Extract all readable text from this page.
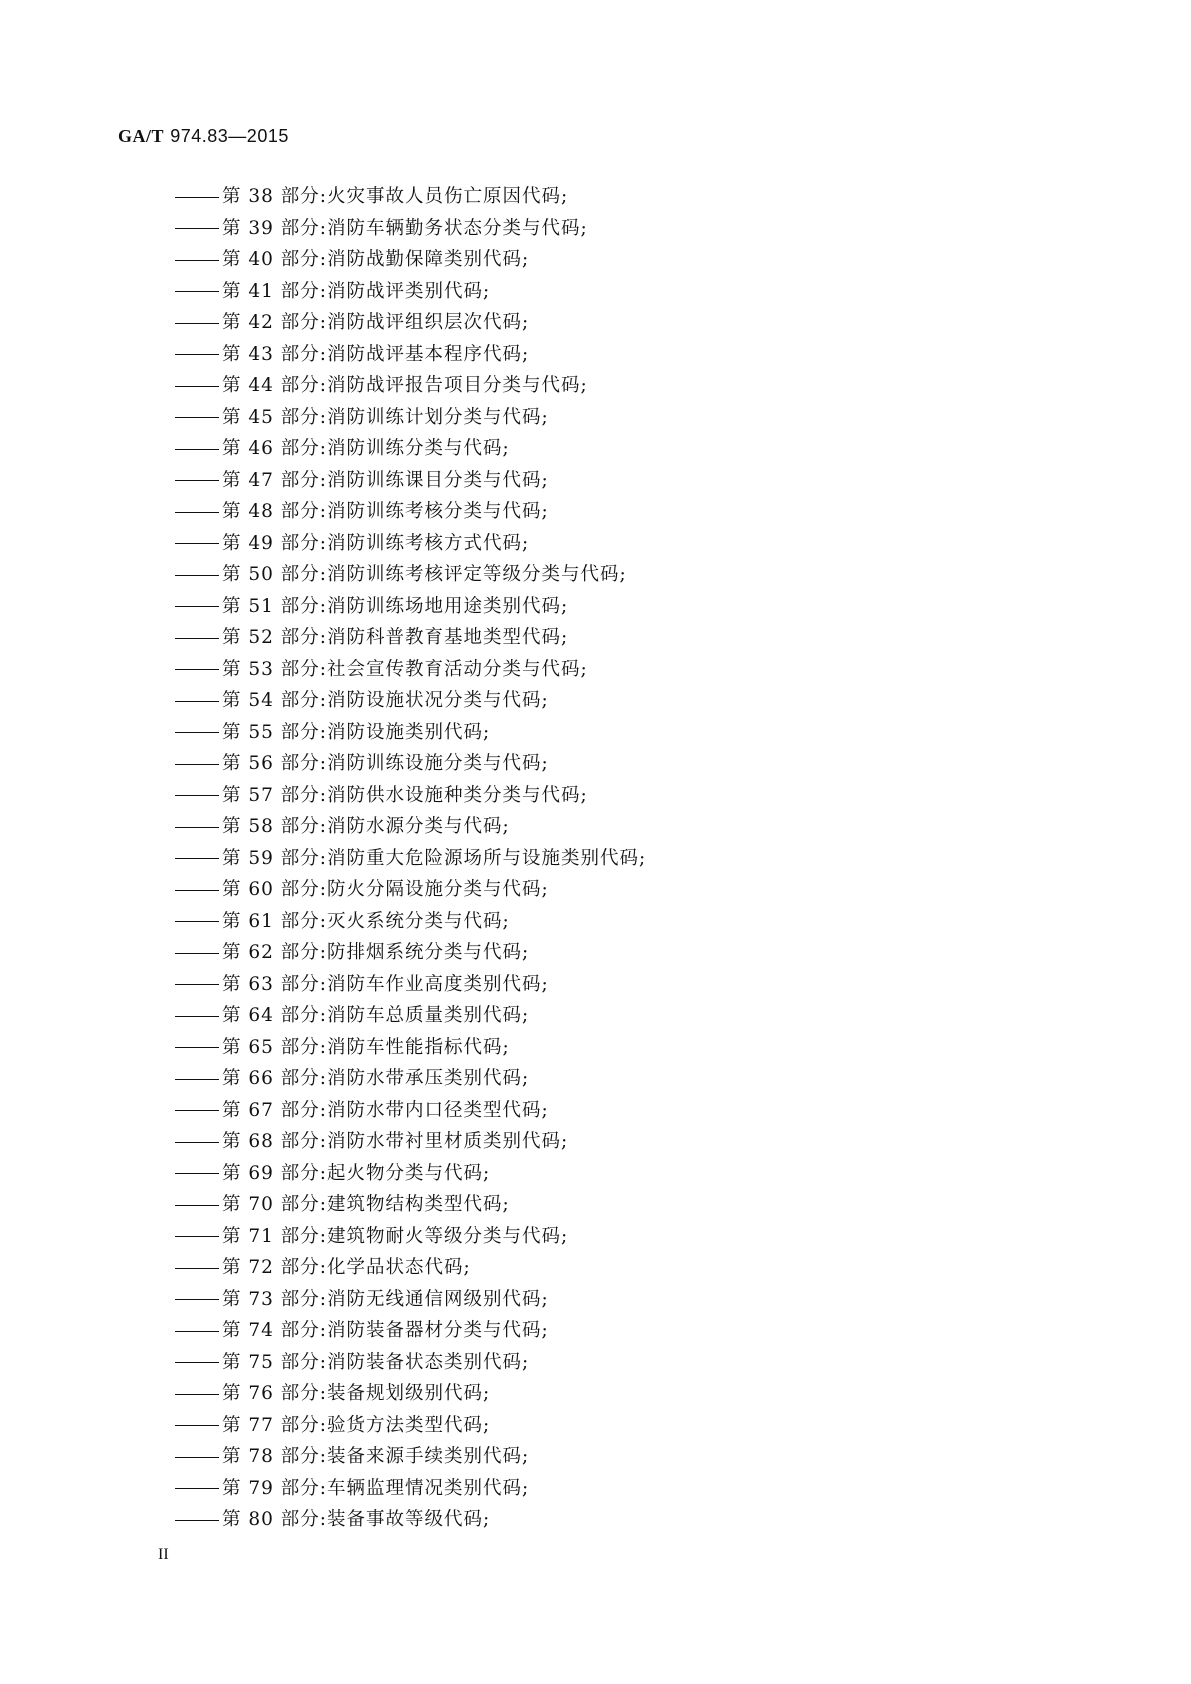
GA/T 974.83—2015
第 38 部分:火灾事故人员伤亡原因代码;
第 39 部分:消防车辆勤务状态分类与代码;
第 40 部分:消防战勤保障类别代码;
第 41 部分:消防战评类别代码;
第 42 部分:消防战评组织层次代码;
第 43 部分:消防战评基本程序代码;
第 44 部分:消防战评报告项目分类与代码;
第 45 部分:消防训练计划分类与代码;
第 46 部分:消防训练分类与代码;
第 47 部分:消防训练课目分类与代码;
第 48 部分:消防训练考核分类与代码;
第 49 部分:消防训练考核方式代码;
第 50 部分:消防训练考核评定等级分类与代码;
第 51 部分:消防训练场地用途类别代码;
第 52 部分:消防科普教育基地类型代码;
第 53 部分:社会宣传教育活动分类与代码;
第 54 部分:消防设施状况分类与代码;
第 55 部分:消防设施类别代码;
第 56 部分:消防训练设施分类与代码;
第 57 部分:消防供水设施种类分类与代码;
第 58 部分:消防水源分类与代码;
第 59 部分:消防重大危险源场所与设施类别代码;
第 60 部分:防火分隔设施分类与代码;
第 61 部分:灭火系统分类与代码;
第 62 部分:防排烟系统分类与代码;
第 63 部分:消防车作业高度类别代码;
第 64 部分:消防车总质量类别代码;
第 65 部分:消防车性能指标代码;
第 66 部分:消防水带承压类别代码;
第 67 部分:消防水带内口径类型代码;
第 68 部分:消防水带衬里材质类别代码;
第 69 部分:起火物分类与代码;
第 70 部分:建筑物结构类型代码;
第 71 部分:建筑物耐火等级分类与代码;
第 72 部分:化学品状态代码;
第 73 部分:消防无线通信网级别代码;
第 74 部分:消防装备器材分类与代码;
第 75 部分:消防装备状态类别代码;
第 76 部分:装备规划级别代码;
第 77 部分:验货方法类型代码;
第 78 部分:装备来源手续类别代码;
第 79 部分:车辆监理情况类别代码;
第 80 部分:装备事故等级代码;
II
